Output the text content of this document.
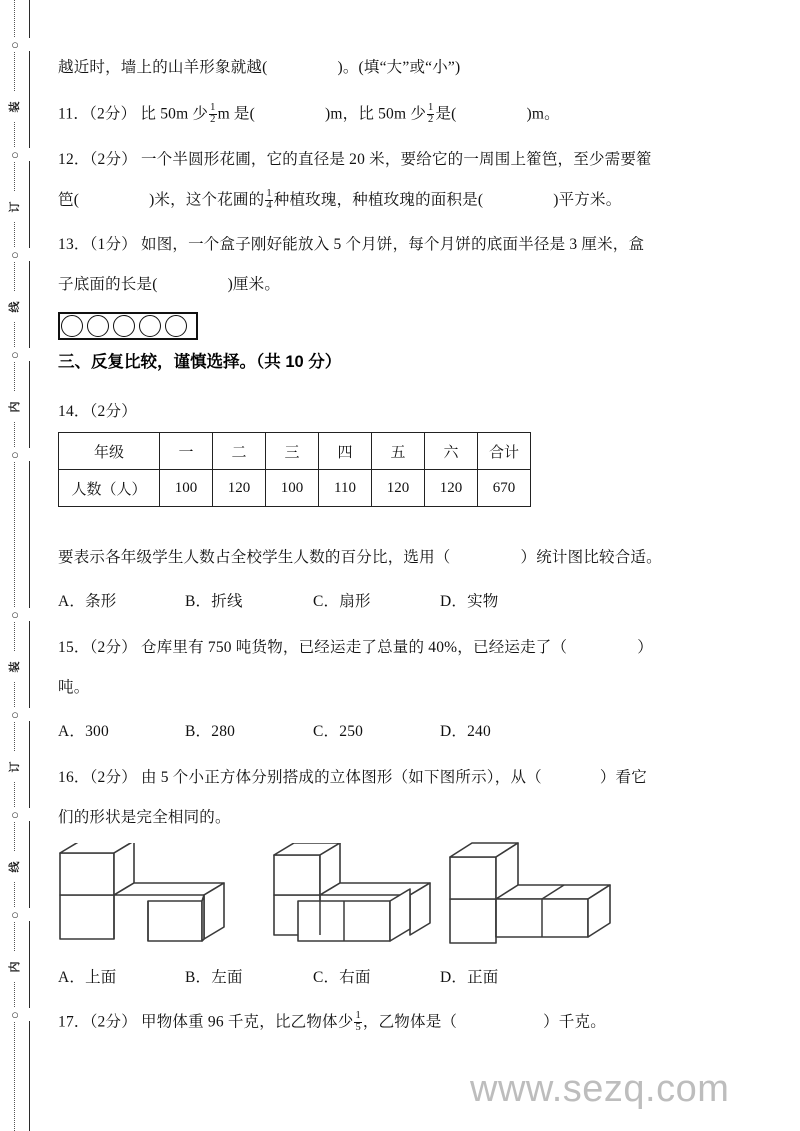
○
装
○
订
○
线
○
内
○
○
装
○
订
○
线
○
内
○
越近时，墙上的山羊形象就越(	)。(填“大”或“小”)
11．（2分） 比 50m 少 $\frac{1}{2}$ m 是(	)m，比 50m 少 $\frac{1}{2}$ 是(	)m。
12．（2分） 一个半圆形花圃，它的直径是 20 米，要给它的一周围上篧笆，至少需要篧
笆(	)米，这个花圃的 $\frac{1}{4}$ 种植玫瑰，种植玫瑰的面积是(	)平方米。
13．（1分） 如图，一个盒子刚好能放入 5 个月饼，每个月饼的底面半径是 3 厘米，盒
子底面的长是(	)厘米。
三、反复比较，谨慎选择。（共 10 分）
14．（2分）
年级	一	二	三	四	五	六	合计
人数（人）	100	120	100	110	120	120	670
要表示各年级学生人数占全校学生人数的百分比，选用（	）统计图比较合适。
A．条形	B．折线	C．扇形	D．实物
15．（2分） 仓库里有 750 吨货物，已经运走了总量的 40%，已经运走了（	）
吨。
A．300	B．280	C．250	D．240
16．（2分） 由 5 个小正方体分别搭成的立体图形（如下图所示），从（	）看它
们的形状是完全相同的。
A．上面	B．左面	C．右面	D．正面
17．（2分） 甲物体重 96 千克，比乙物体少 $\frac{1}{5}$ ，乙物体是（	）千克。
www.sezq.com
